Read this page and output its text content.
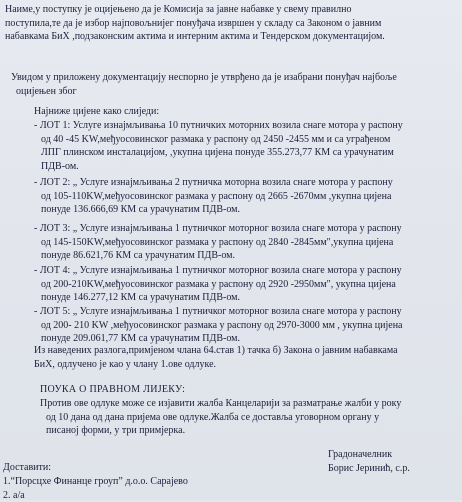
Наиме,у поступку је оцијењено да је Комисија за јавне набавке у свему правилно
поступила,те да је избор најповољнијег понуђача извршен у складу са Законом о јавним
набавкама БиХ ,подзаконским актима и интерним актима и Тендерском документацијом.
Увидом у приложену документацију неспорно је утврђено да је изабрани понуђач најбоље
оцијењен због
Најниже цијене како слиједи:
- ЛОТ 1: Услуге изнајмљивања 10 путничких моторних возила снаге мотора у распону
од 40 -45 KW,међуосовинског размака у распону од 2450 -2455 мм и са уграђеном
ЛПГ плинском инсталацијом, ,укупна цијена понуде 355.273,77 КМ са урачунатим
ПДВ-ом.
- ЛОТ 2: „ Услуге изнајмљивања 2 путничка моторна возила снаге мотора у распону
од 105-110KW,међуосовинског размака у распону од 2665 -2670мм ,укупна цијена
понуде 136.666,69 КМ са урачунатим ПДВ-ом.
- ЛОТ 3: „ Услуге изнајмљивања 1 путничког моторног возила снаге мотора у распону
од 145-150KW,међуосовинског размака у распону од 2840 -2845мм",укупна цијена
понуде 86.621,76 КМ са урачунатим ПДВ-ом.
- ЛОТ 4: „ Услуге изнајмљивања 1 путничког моторног возила снаге мотора у распону
од 200-210KW,међуосовинског размака у распону од 2920 -2950мм", укупна цијена
понуде 146.277,12 КМ са урачунатим ПДВ-ом.
- ЛОТ 5: „ Услуге изнајмљивања 1 путничког моторног возила снаге мотора у распону
од 200- 210 KW ,међуосовинског размака у распону од 2970-3000 мм , укупна цијена
понуде 209.061,77 КМ са урачунатим ПДВ-ом.
Из наведених разлога,примјеном члана 64.став 1) тачка б) Закона о јавним набавкама
БиХ, одлучено је као у члану 1.ове одлуке.
ПОУКА О ПРАВНОМ ЛИЈЕКУ:
Против ове одлуке може се изјавити жалба Канцеларији за разматрање жалби у року
од 10 дана од дана пријема ове одлуке.Жалба се доставља уговорном органу у
писаној форми, у три примјерка.
Градоначелник
Борис Јеринић, с.р.
Доставити:
1.“Порсцхе Финанце гроуп” д.о.о. Сарајево
2. а/а
